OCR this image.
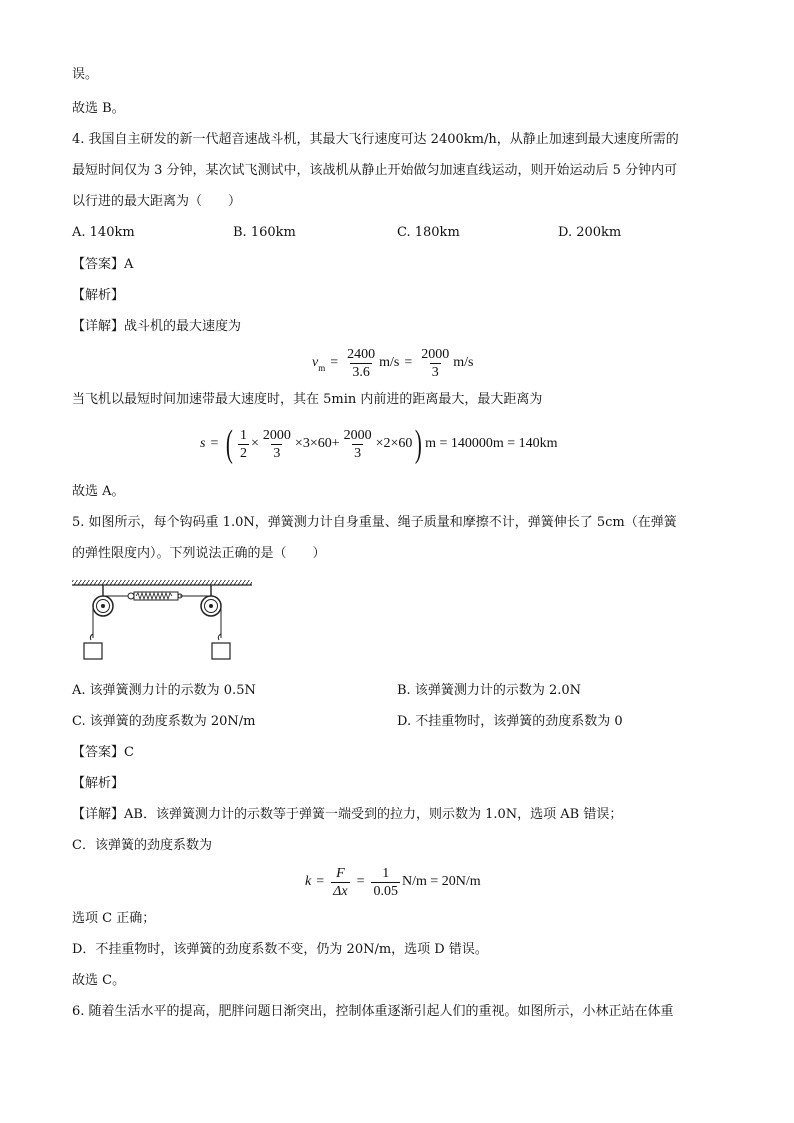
误。
故选 B。
4. 我国自主研发的新一代超音速战斗机，其最大飞行速度可达 2400km/h，从静止加速到最大速度所需的
最短时间仅为 3 分钟，某次试飞测试中，该战机从静止开始做匀加速直线运动，则开始运动后 5 分钟内可
以行进的最大距离为（　　）
A. 140km	B. 160km	C. 180km	D. 200km
【答案】A
【解析】
【详解】战斗机的最大速度为
v $m = \frac{2400}{3.6} m/s = \frac{2000}{3} m/s$
当飞机以最短时间加速带最大速度时，其在 5min 内前进的距离最大，最大距离为
s = ( $\frac{1}{2} \times \frac{2000}{3} \times 3\times 60+ \frac{2000}{3} \times 2\times 60$ ) m = 140000m = 140km
故选 A。
5. 如图所示，每个钩码重 1.0N，弹簧测力计自身重量、绳子质量和摩擦不计，弹簧伸长了 5cm（在弹簧
的弹性限度内）。下列说法正确的是（　　）
A. 该弹簧测力计的示数为 0.5N	B. 该弹簧测力计的示数为 2.0N
C. 该弹簧的劲度系数为 20N/m	D. 不挂重物时，该弹簧的劲度系数为 0
【答案】C
【解析】
【详解】AB．该弹簧测力计的示数等于弹簧一端受到的拉力，则示数为 1.0N，选项 AB 错误；
C．该弹簧的劲度系数为
$k = \frac{F}{\Delta x} = \frac{1}{0.05} N/m = 20N/m$
选项 C 正确；
D．不挂重物时，该弹簧的劲度系数不变，仍为 20N/m，选项 D 错误。
故选 C。
6. 随着生活水平的提高，肥胖问题日渐突出，控制体重逐渐引起人们的重视。如图所示，小林正站在体重
